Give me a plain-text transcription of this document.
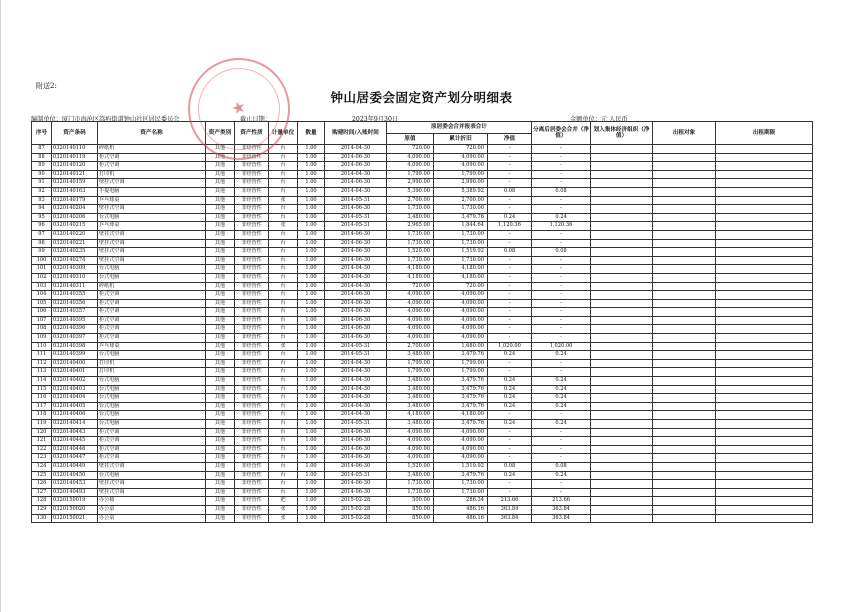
附送2:
钟山居委会固定资产划分明细表
编制单位：厦门市海沧区嵩屿街道钟山社区居民委员会	截止日期：	2023年9月30日	金额单位：元 人民币
序号	资产条码	资产名称	资产类别	资产性质	计量单位	数量	购建时间/入账时间	原居委会合并报表合计			分离后居委会合并（净值）	划入集体经济组织（净值）	出租对象	出租期限
								原值	累计折旧	净值				
87	0320140110	碎纸机	其他	非经营性	台	1.00	2014-04-30	720.00	720.00	-	-			
88	0320140119	柜式空调	其他	非经营性	台	1.00	2014-06-30	4,090.00	4,090.00	-	-			
89	0320140120	柜式空调	其他	非经营性	台	1.00	2014-06-30	4,090.00	4,090.00	-	-			
90	0320140121	打印机	其他	非经营性	台	1.00	2014-04-30	1,799.00	1,799.00	-	-			
91	0320140159	壁挂式空调	其他	非经营性	台	1.00	2014-06-30	2,990.00	2,990.00	-	-			
92	0320140163	手提电脑	其他	非经营性	台	1.00	2014-04-30	5,390.00	5,389.92	0.08	0.08			
93	0320140179	乒乓球桌	其他	非经营性	张	1.00	2014-05-31	2,700.00	2,700.00	-	-			
94	0320140204	壁挂式空调	其他	非经营性	台	1.00	2014-06-30	1,730.00	1,730.00	-	-			
95	0320140206	台式电脑	其他	非经营性	台	1.00	2014-05-31	3,480.00	3,479.76	0.24	0.24			
96	0320140215	乒乓球桌	其他	非经营性	张	1.00	2014-05-31	2,965.00	1,844.64	1,120.36	1,120.36			
97	0320140220	壁挂式空调	其他	非经营性	台	1.00	2014-06-30	1,730.00	1,730.00	-	-			
98	0320140221	壁挂式空调	其他	非经营性	台	1.00	2014-06-30	1,730.00	1,730.00	-	-			
99	0320140235	壁挂式空调	其他	非经营性	台	1.00	2014-06-30	1,520.00	1,519.92	0.08	0.08			
100	0320140274	壁挂式空调	其他	非经营性	台	1.00	2014-06-30	1,730.00	1,730.00	-	-			
101	0320140309	台式电脑	其他	非经营性	台	1.00	2014-04-30	4,180.00	4,180.00	-	-			
102	0320140310	台式电脑	其他	非经营性	台	1.00	2014-04-30	4,180.00	4,180.00	-	-			
103	0320140311	碎纸机	其他	非经营性	台	1.00	2014-04-30	720.00	720.00	-	-			
104	0320140355	柜式空调	其他	非经营性	台	1.00	2014-06-30	4,090.00	4,090.00	-	-			
105	0320140356	柜式空调	其他	非经营性	台	1.00	2014-06-30	4,090.00	4,090.00	-	-			
106	0320140357	柜式空调	其他	非经营性	台	1.00	2014-06-30	4,090.00	4,090.00	-	-			
107	0320140395	柜式空调	其他	非经营性	台	1.00	2014-06-30	4,090.00	4,090.00	-	-			
108	0320140396	柜式空调	其他	非经营性	台	1.00	2014-06-30	4,090.00	4,090.00	-	-			
109	0320140397	柜式空调	其他	非经营性	台	1.00	2014-06-30	4,090.00	4,090.00	-	-			
110	0320140398	乒乓球桌	其他	非经营性	张	1.00	2014-05-31	2,700.00	1,680.00	1,020.00	1,020.00			
111	0320140399	台式电脑	其他	非经营性	台	1.00	2014-05-31	3,480.00	3,479.76	0.24	0.24			
112	0320140400	打印机	其他	非经营性	台	1.00	2014-04-30	1,799.00	1,799.00	-	-			
113	0320140401	打印机	其他	非经营性	台	1.00	2014-04-30	1,799.00	1,799.00	-	-			
114	0320140402	台式电脑	其他	非经营性	台	1.00	2014-04-30	3,480.00	3,479.76	0.24	0.24			
115	0320140403	台式电脑	其他	非经营性	台	1.00	2014-04-30	3,480.00	3,479.76	0.24	0.24			
116	0320140404	台式电脑	其他	非经营性	台	1.00	2014-04-30	3,480.00	3,479.76	0.24	0.24			
117	0320140405	台式电脑	其他	非经营性	台	1.00	2014-04-30	3,480.00	3,479.76	0.24	0.24			
118	0320140406	台式电脑	其他	非经营性	台	1.00	2014-04-30	4,180.00	4,180.00	-	-			
119	0320140414	台式电脑	其他	非经营性	台	1.00	2014-05-31	3,480.00	3,479.76	0.24	0.24			
120	0320140443	柜式空调	其他	非经营性	台	1.00	2014-06-30	4,090.00	4,090.00	-	-			
121	0320140445	柜式空调	其他	非经营性	台	1.00	2014-06-30	4,090.00	4,090.00	-	-			
122	0320140446	柜式空调	其他	非经营性	台	1.00	2014-06-30	4,090.00	4,090.00	-	-			
123	0320140447	柜式空调	其他	非经营性	台	1.00	2014-06-30	4,090.00	4,090.00	-	-			
124	0320140449	壁挂式空调	其他	非经营性	台	1.00	2014-06-30	1,520.00	1,519.92	0.08	0.08			
125	0320140450	台式电脑	其他	非经营性	台	1.00	2014-05-31	3,480.00	3,479.76	0.24	0.24			
126	0320140453	壁挂式空调	其他	非经营性	台	1.00	2014-06-30	1,730.00	1,730.00	-	-			
127	0320140493	壁挂式空调	其他	非经营性	台	1.00	2014-06-30	1,730.00	1,730.00	-	-			
128	0320150019	办公椅	其他	非经营性	把	1.00	2015-02-28	500.00	286.34	213.66	213.66			
129	0320150020	办公桌	其他	非经营性	张	1.00	2015-02-28	850.00	486.16	363.84	363.84			
130	0320150021	办公桌	其他	非经营性	张	1.00	2015-02-28	850.00	486.16	363.84	363.84			
★
